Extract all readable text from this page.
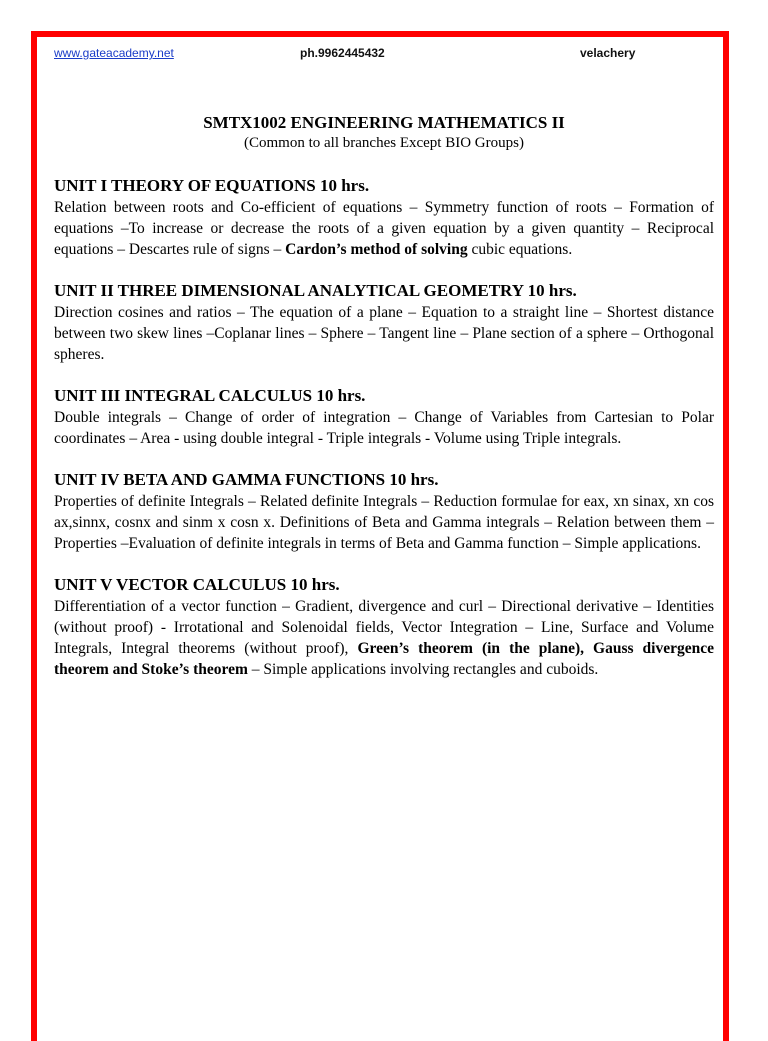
www.gateacademy.net	ph.9962445432	velachery

SMTX1002 ENGINEERING MATHEMATICS II

(Common to all branches Except BIO Groups)

UNIT I THEORY OF EQUATIONS 10 hrs.

Relation between roots and Co-efficient of equations – Symmetry function of roots – Formation of equations –To increase or decrease the roots of a given equation by a given quantity – Reciprocal equations – Descartes rule of signs – Cardon’s method of solving cubic equations.

UNIT II THREE DIMENSIONAL ANALYTICAL GEOMETRY 10 hrs.

Direction cosines and ratios – The equation of a plane – Equation to a straight line – Shortest distance between two skew lines –Coplanar lines – Sphere – Tangent line – Plane section of a sphere – Orthogonal spheres.

UNIT III INTEGRAL CALCULUS 10 hrs.

Double integrals – Change of order of integration – Change of Variables from Cartesian to Polar coordinates – Area - using double integral - Triple integrals - Volume using Triple integrals.

UNIT IV BETA AND GAMMA FUNCTIONS 10 hrs.

Properties of definite Integrals – Related definite Integrals – Reduction formulae for eax, xn sinax, xn cos ax,sinnx, cosnx and sinm x cosn x. Definitions of Beta and Gamma integrals – Relation between them – Properties –Evaluation of definite integrals in terms of Beta and Gamma function – Simple applications.

UNIT V VECTOR CALCULUS 10 hrs.

Differentiation of a vector function – Gradient, divergence and curl – Directional derivative – Identities (without proof) - Irrotational and Solenoidal fields, Vector Integration – Line, Surface and Volume Integrals, Integral theorems (without proof), Green’s theorem (in the plane), Gauss divergence theorem and Stoke’s theorem – Simple applications involving rectangles and cuboids.
